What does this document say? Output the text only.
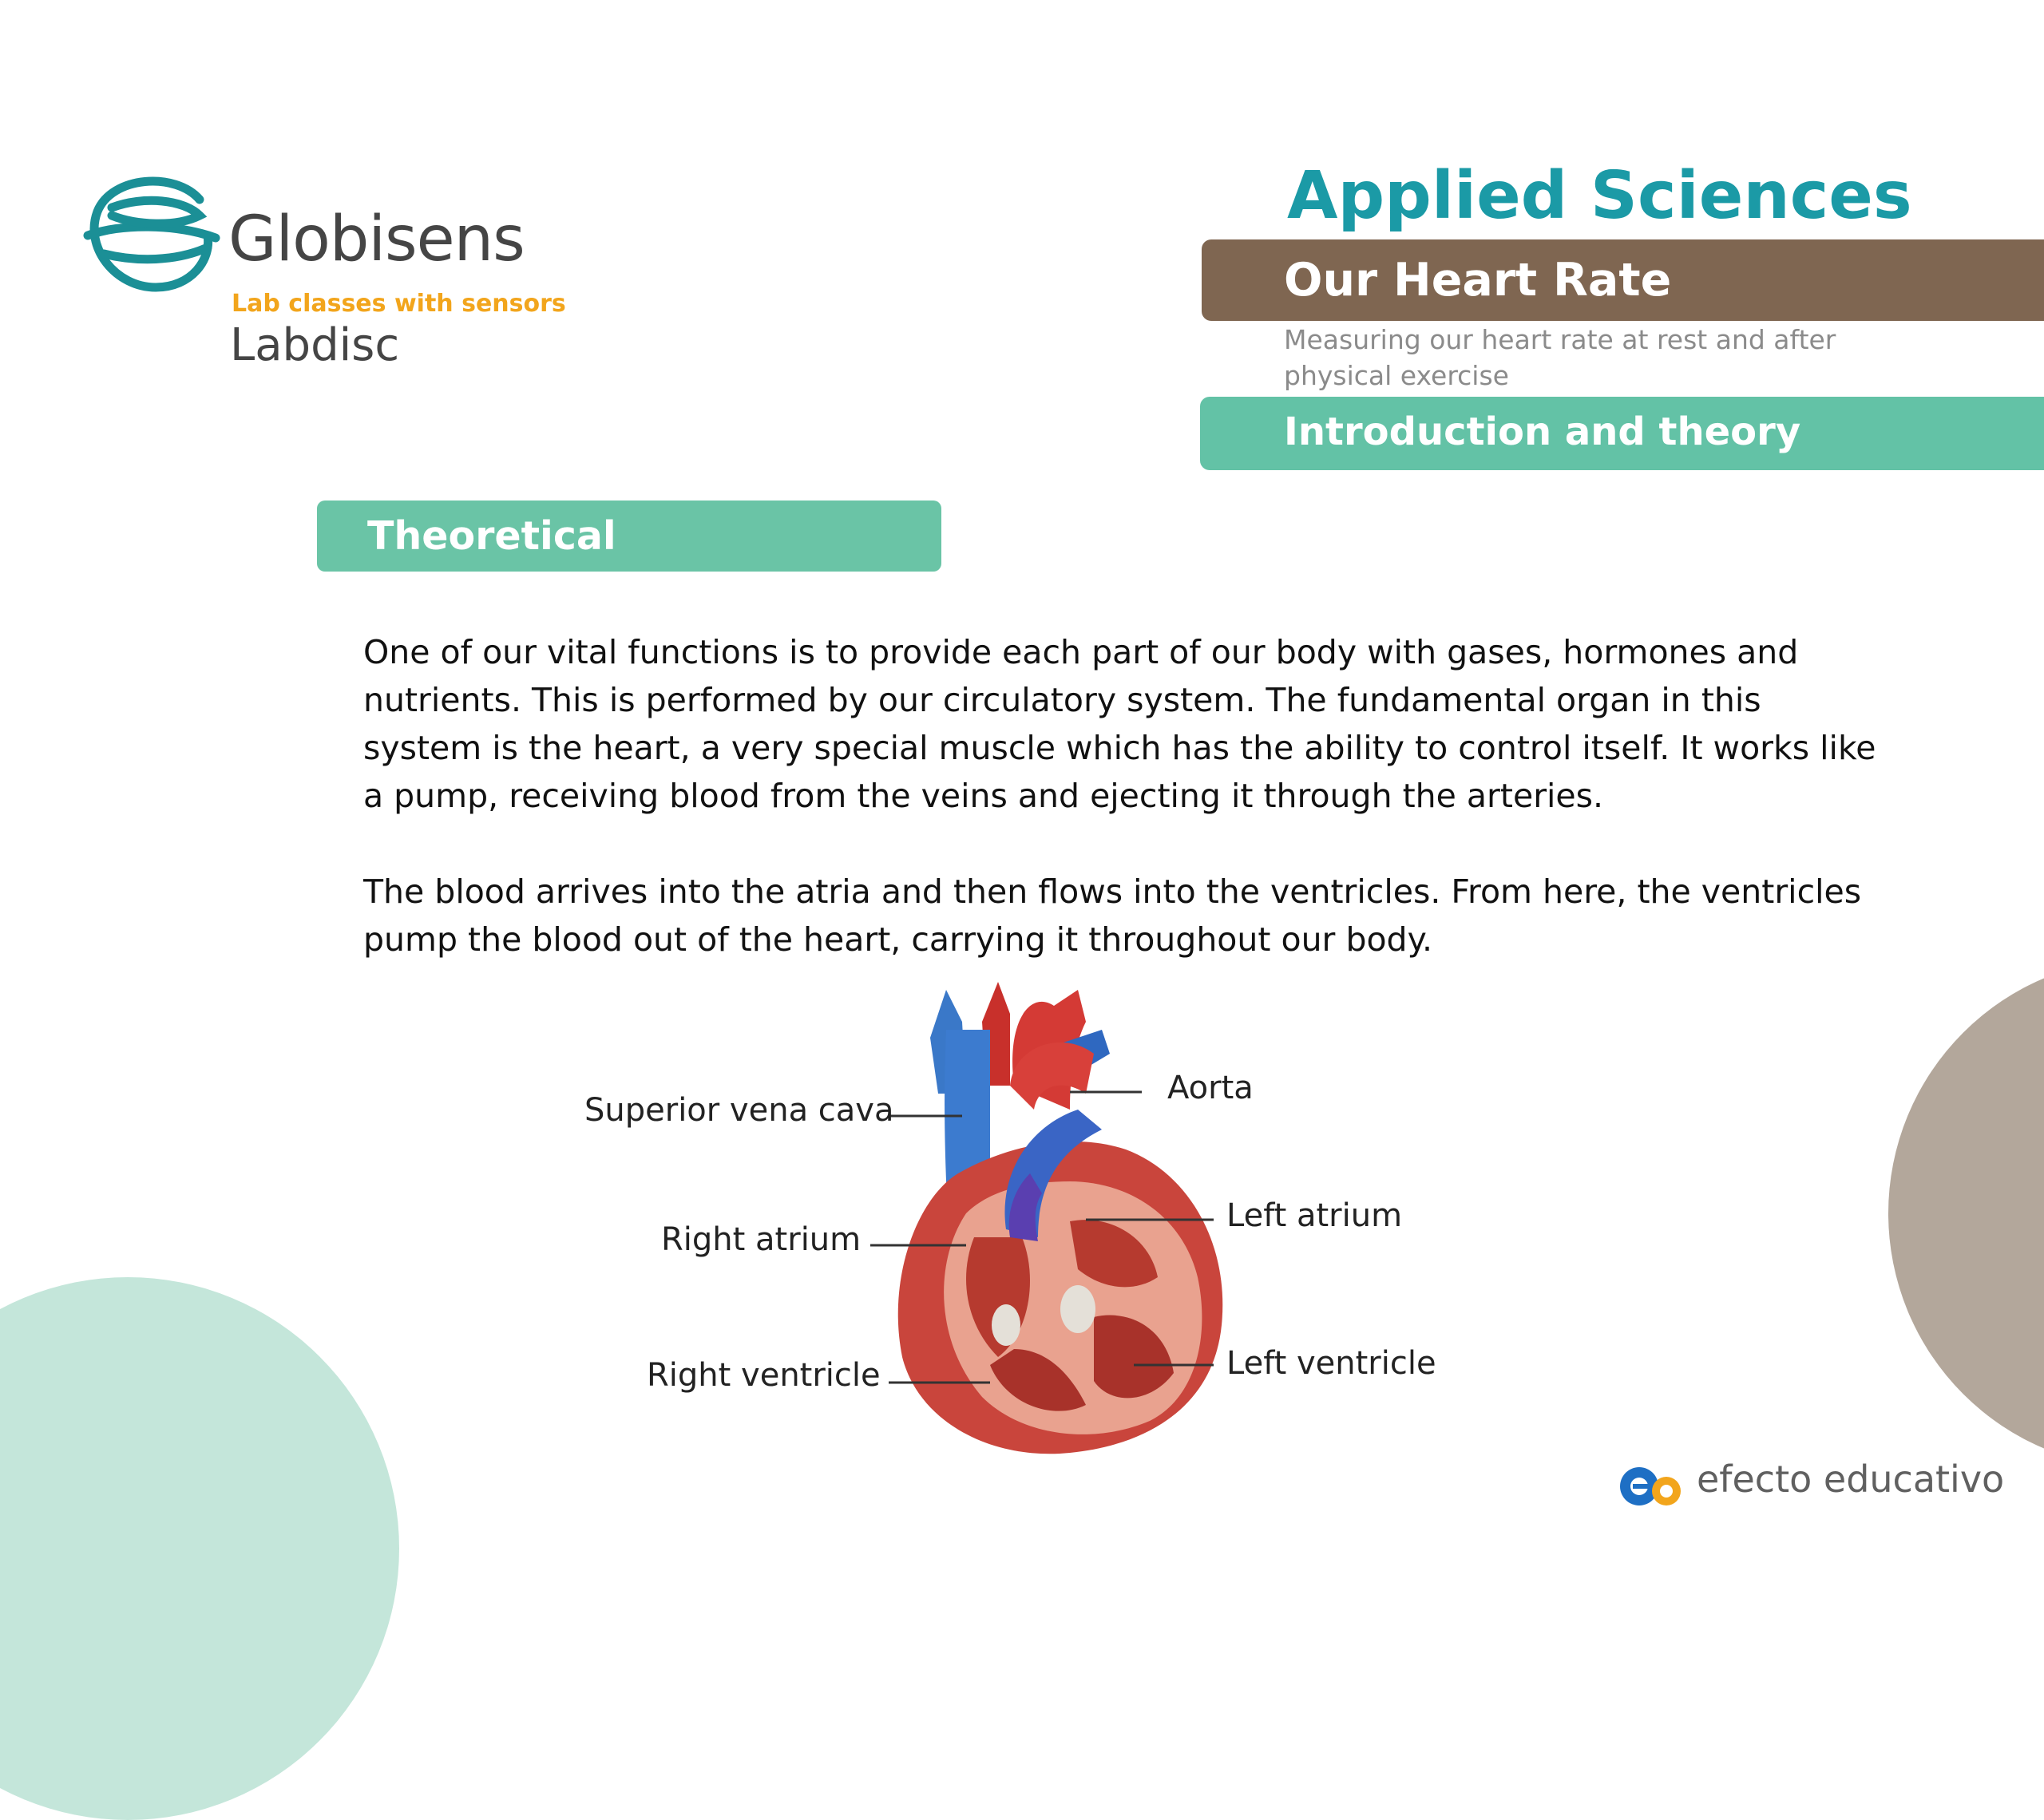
Globisens
Lab classes with sensors
Labdisc
Applied Sciences
Our Heart Rate
Measuring our heart rate at rest and after physical exercise
Introduction and theory
Theoretical
One of our vital functions is to provide each part of our body with gases, hormones and nutrients. This is performed by our circulatory system. The fundamental organ in this system is the heart, a very special muscle which has the ability to control itself. It works like a pump, receiving blood from the veins and ejecting it through the arteries.
The blood arrives into the atria and then flows into the ventricles. From here, the ventricles pump the blood out of the heart, carrying it throughout our body.
Superior vena cava
Right atrium
Right ventricle
Aorta
Left atrium
Left ventricle
efecto educativo
